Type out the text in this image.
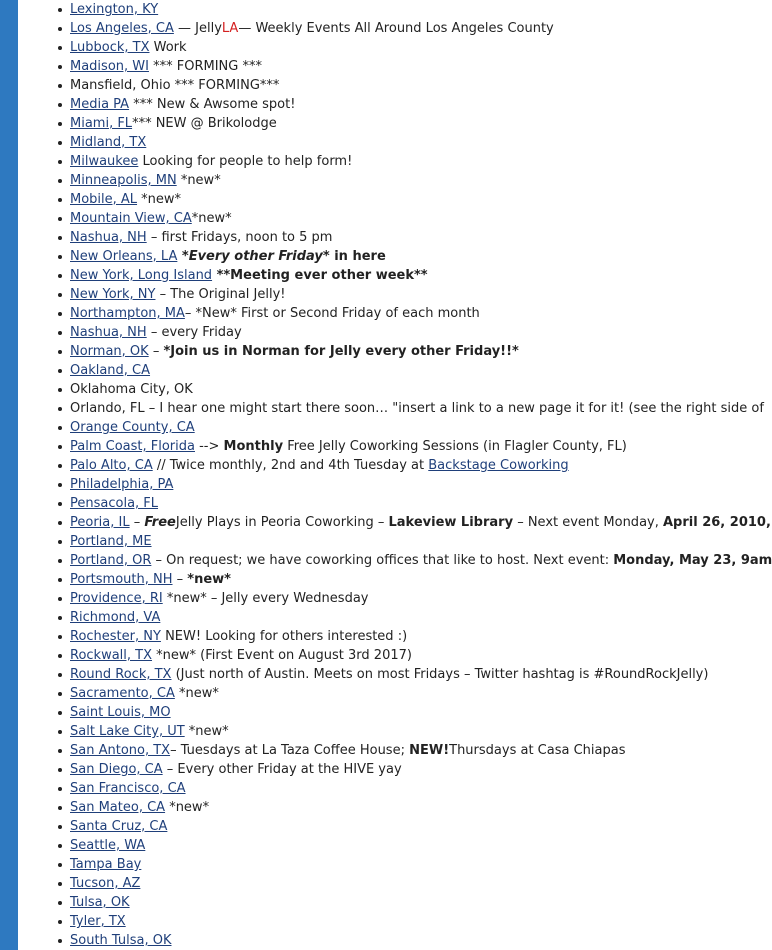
Lexington, KY
Los Angeles, CA — JellyLA— Weekly Events All Around Los Angeles County
Lubbock, TX Work
Madison, WI *** FORMING ***
Mansfield, Ohio *** FORMING***
Media PA *** New & Awsome spot!
Miami, FL*** NEW @ Brikolodge
Midland, TX
Milwaukee Looking for people to help form!
Minneapolis, MN *new*
Mobile, AL *new*
Mountain View, CA*new*
Nashua, NH – first Fridays, noon to 5 pm
New Orleans, LA *Every other Friday* in here
New York, Long Island **Meeting ever other week**
New York, NY – The Original Jelly!
Northampton, MA– *New* First or Second Friday of each month
Nashua, NH – every Friday
Norman, OK – *Join us in Norman for Jelly every other Friday!!*
Oakland, CA
Oklahoma City, OK
Orlando, FL – I hear one might start there soon… "insert a link to a new page it for it! (see the right side of
Orange County, CA
Palm Coast, Florida --> Monthly Free Jelly Coworking Sessions (in Flagler County, FL)
Palo Alto, CA // Twice monthly, 2nd and 4th Tuesday at Backstage Coworking
Philadelphia, PA
Pensacola, FL
Peoria, IL – FreeJelly Plays in Peoria Coworking – Lakeview Library – Next event Monday, April 26, 2010,
Portland, ME
Portland, OR – On request; we have coworking offices that like to host. Next event: Monday, May 23, 9am
Portsmouth, NH – *new*
Providence, RI *new* – Jelly every Wednesday
Richmond, VA
Rochester, NY NEW! Looking for others interested :)
Rockwall, TX *new* (First Event on August 3rd 2017)
Round Rock, TX (Just north of Austin. Meets on most Fridays – Twitter hashtag is #RoundRockJelly)
Sacramento, CA *new*
Saint Louis, MO
Salt Lake City, UT *new*
San Antono, TX– Tuesdays at La Taza Coffee House; NEW!Thursdays at Casa Chiapas
San Diego, CA – Every other Friday at the HIVE yay
San Francisco, CA
San Mateo, CA *new*
Santa Cruz, CA
Seattle, WA
Tampa Bay
Tucson, AZ
Tulsa, OK
Tyler, TX
South Tulsa, OK
